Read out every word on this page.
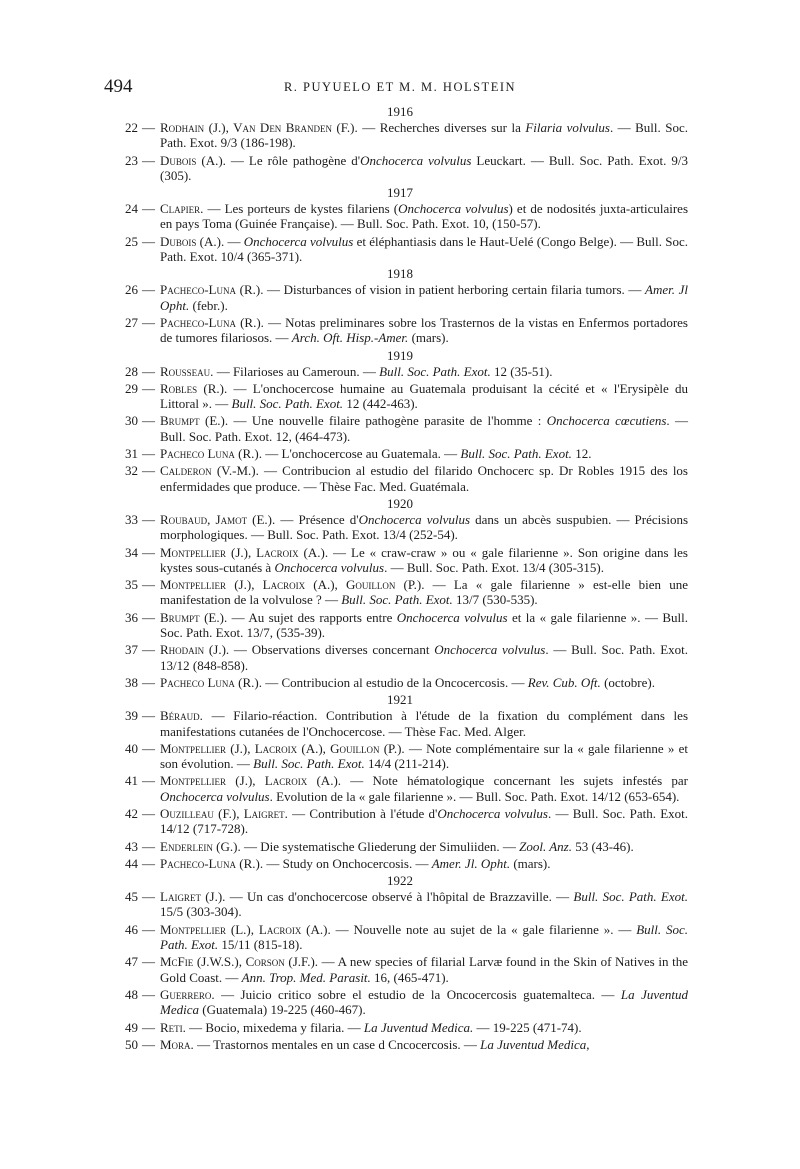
494	R. PUYUELO ET M. M. HOLSTEIN
1916
22 — Rodhain (J.), Van Den Branden (F.). — Recherches diverses sur la Filaria volvulus. — Bull. Soc. Path. Exot. 9/3 (186-198).
23 — Dubois (A.). — Le rôle pathogène d'Onchocerca volvulus Leuckart. — Bull. Soc. Path. Exot. 9/3 (305).
1917
24 — Clapier. — Les porteurs de kystes filariens (Onchocerca volvulus) et de nodosités juxta-articulaires en pays Toma (Guinée Française). — Bull. Soc. Path. Exot. 10, (150-57).
25 — Dubois (A.). — Onchocerca volvulus et éléphantiasis dans le Haut-Uelé (Congo Belge). — Bull. Soc. Path. Exot. 10/4 (365-371).
1918
26 — Pacheco-Luna (R.). — Disturbances of vision in patient herboring certain filaria tumors. — Amer. Jl Opht. (febr.).
27 — Pacheco-Luna (R.). — Notas preliminares sobre los Trasternos de la vistas en Enfermos portadores de tumores filariosos. — Arch. Oft. Hisp.-Amer. (mars).
1919
28 — Rousseau. — Filarioses au Cameroun. — Bull. Soc. Path. Exot. 12 (35-51).
29 — Robles (R.). — L'onchocercose humaine au Guatemala produisant la cécité et « l'Erysipèle du Littoral ». — Bull. Soc. Path. Exot. 12 (442-463).
30 — Brumpt (E.). — Une nouvelle filaire pathogène parasite de l'homme : Onchocerca cœcutiens. — Bull. Soc. Path. Exot. 12, (464-473).
31 — Pacheco Luna (R.). — L'onchocercose au Guatemala. — Bull. Soc. Path. Exot. 12.
32 — Calderon (V.-M.). — Contribucion al estudio del filarido Onchocerc sp. Dr Robles 1915 des los enfermidades que produce. — Thèse Fac. Med. Guatémala.
1920
33 — Roubaud, Jamot (E.). — Présence d'Onchocerca volvulus dans un abcès suspubien. — Précisions morphologiques. — Bull. Soc. Path. Exot. 13/4 (252-54).
34 — Montpellier (J.), Lacroix (A.). — Le « craw-craw » ou « gale filarienne ». Son origine dans les kystes sous-cutanés à Onchocerca volvulus. — Bull. Soc. Path. Exot. 13/4 (305-315).
35 — Montpellier (J.), Lacroix (A.), Gouillon (P.). — La « gale filarienne » est-elle bien une manifestation de la volvulose ? — Bull. Soc. Path. Exot. 13/7 (530-535).
36 — Brumpt (E.). — Au sujet des rapports entre Onchocerca volvulus et la « gale filarienne ». — Bull. Soc. Path. Exot. 13/7, (535-39).
37 — Rhodain (J.). — Observations diverses concernant Onchocerca volvulus. — Bull. Soc. Path. Exot. 13/12 (848-858).
38 — Pacheco Luna (R.). — Contribucion al estudio de la Oncocercosis. — Rev. Cub. Oft. (octobre).
1921
39 — Béraud. — Filario-réaction. Contribution à l'étude de la fixation du complément dans les manifestations cutanées de l'Onchocercose. — Thèse Fac. Med. Alger.
40 — Montpellier (J.), Lacroix (A.), Gouillon (P.). — Note complémentaire sur la « gale filarienne » et son évolution. — Bull. Soc. Path. Exot. 14/4 (211-214).
41 — Montpellier (J.), Lacroix (A.). — Note hématologique concernant les sujets infestés par Onchocerca volvulus. Evolution de la « gale filarienne ». — Bull. Soc. Path. Exot. 14/12 (653-654).
42 — Ouzilleau (F.), Laigret. — Contribution à l'étude d'Onchocerca volvulus. — Bull. Soc. Path. Exot. 14/12 (717-728).
43 — Enderlein (G.). — Die systematische Gliederung der Simuliiden. — Zool. Anz. 53 (43-46).
44 — Pacheco-Luna (R.). — Study on Onchocercosis. — Amer. Jl. Opht. (mars).
1922
45 — Laigret (J.). — Un cas d'onchocercose observé à l'hôpital de Brazzaville. — Bull. Soc. Path. Exot. 15/5 (303-304).
46 — Montpellier (L.), Lacroix (A.). — Nouvelle note au sujet de la « gale filarienne ». — Bull. Soc. Path. Exot. 15/11 (815-18).
47 — McFie (J.W.S.), Corson (J.F.). — A new species of filarial Larvæ found in the Skin of Natives in the Gold Coast. — Ann. Trop. Med. Parasit. 16, (465-471).
48 — Guerrero. — Juicio critico sobre el estudio de la Oncocercosis guatemalteca. — La Juventud Medica (Guatemala) 19-225 (460-467).
49 — Reti. — Bocio, mixedema y filaria. — La Juventud Medica. — 19-225 (471-74).
50 — Mora. — Trastornos mentales en un case d Cncocercosis. — La Juventud Medica,
